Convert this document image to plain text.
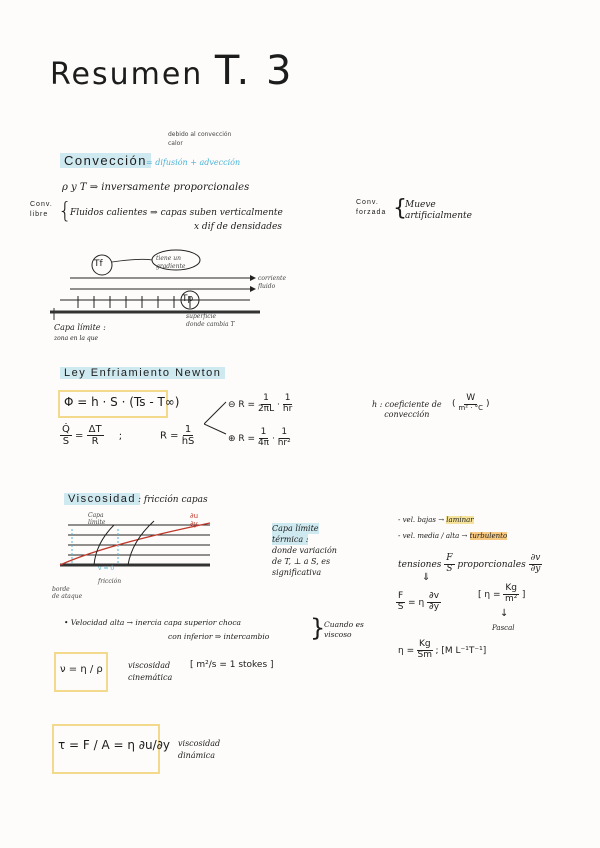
Resumen T. 3
debido al convección
calor
Convección = difusión + advección
ρ y T ⇒ inversamente proporcionales
Conv.
libre {
Fluidos calientes ⇒ capas suben verticalmente
x dif de densidades
Conv.
forzada {
Mueve
artificialmente
Tf
Tp
tiene un gradiente
corriente
fluido
superficie
donde cambia T
Capa límite :
zona en la que
Ley Enfriamiento Newton
Φ = h · S · (Ts - T∞)
$\frac{Q̇}{S} = \frac{\Delta T}{R}$ ;	$R = \frac{1}{hS}$
⊖ $R = \frac{1}{2\pi L} \cdot \frac{1}{hr}$
⊕ $R = \frac{1}{4\pi} \cdot \frac{1}{\text{hr²}}$
h : coeficiente de
convección
( $\frac{W}{\text{m² · °C}}$ )
Viscosidad : fricción capas
Capa
límite
∂u
∂y
v = 0
fricción
borde
de ataque
Capa límite
térmica :
donde variación
de T, ⊥ a S, es
significativa
- vel. bajas → laminar
- vel. media / alta → turbulento
tensiones $\frac{F}{S}$ proporcionales $\frac{\partial v}{\partial y}$
⇓
$\frac{F}{S} = \eta \frac{\partial v}{\partial y}$	[ $\eta = \frac{Kg}{\text{m²}}$ ]
↓
Pascal
$\eta = \frac{Kg}{Sm}$ ; [M L⁻¹T⁻¹]
• Velocidad alta → inercia capa superior choca
con inferior ⇒ intercambio }
Cuando es
viscoso
ν = η / ρ	viscosidad
cinemática
[ m²/s = 1 stokes ]
τ = F / A = η ∂u/∂y viscosidad
dinámica
